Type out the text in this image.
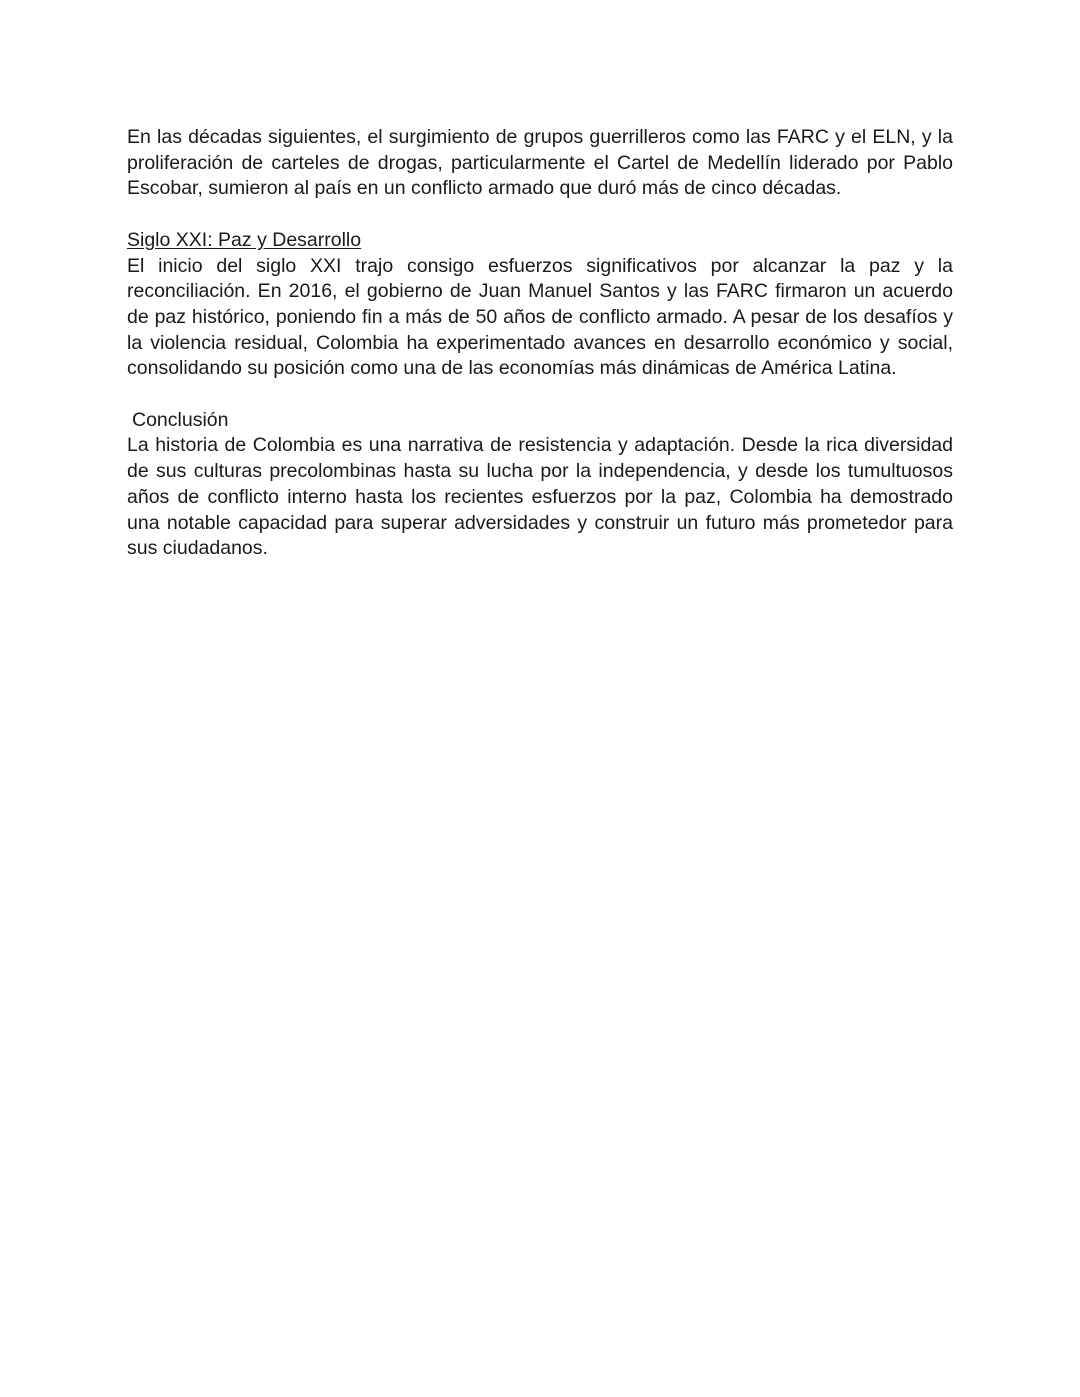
En las décadas siguientes, el surgimiento de grupos guerrilleros como las FARC y el ELN, y la proliferación de carteles de drogas, particularmente el Cartel de Medellín liderado por Pablo Escobar, sumieron al país en un conflicto armado que duró más de cinco décadas.

Siglo XXI: Paz y Desarrollo

El inicio del siglo XXI trajo consigo esfuerzos significativos por alcanzar la paz y la reconciliación. En 2016, el gobierno de Juan Manuel Santos y las FARC firmaron un acuerdo de paz histórico, poniendo fin a más de 50 años de conflicto armado. A pesar de los desafíos y la violencia residual, Colombia ha experimentado avances en desarrollo económico y social, consolidando su posición como una de las economías más dinámicas de América Latina.

Conclusión

La historia de Colombia es una narrativa de resistencia y adaptación. Desde la rica diversidad de sus culturas precolombinas hasta su lucha por la independencia, y desde los tumultuosos años de conflicto interno hasta los recientes esfuerzos por la paz, Colombia ha demostrado una notable capacidad para superar adversidades y construir un futuro más prometedor para sus ciudadanos.
